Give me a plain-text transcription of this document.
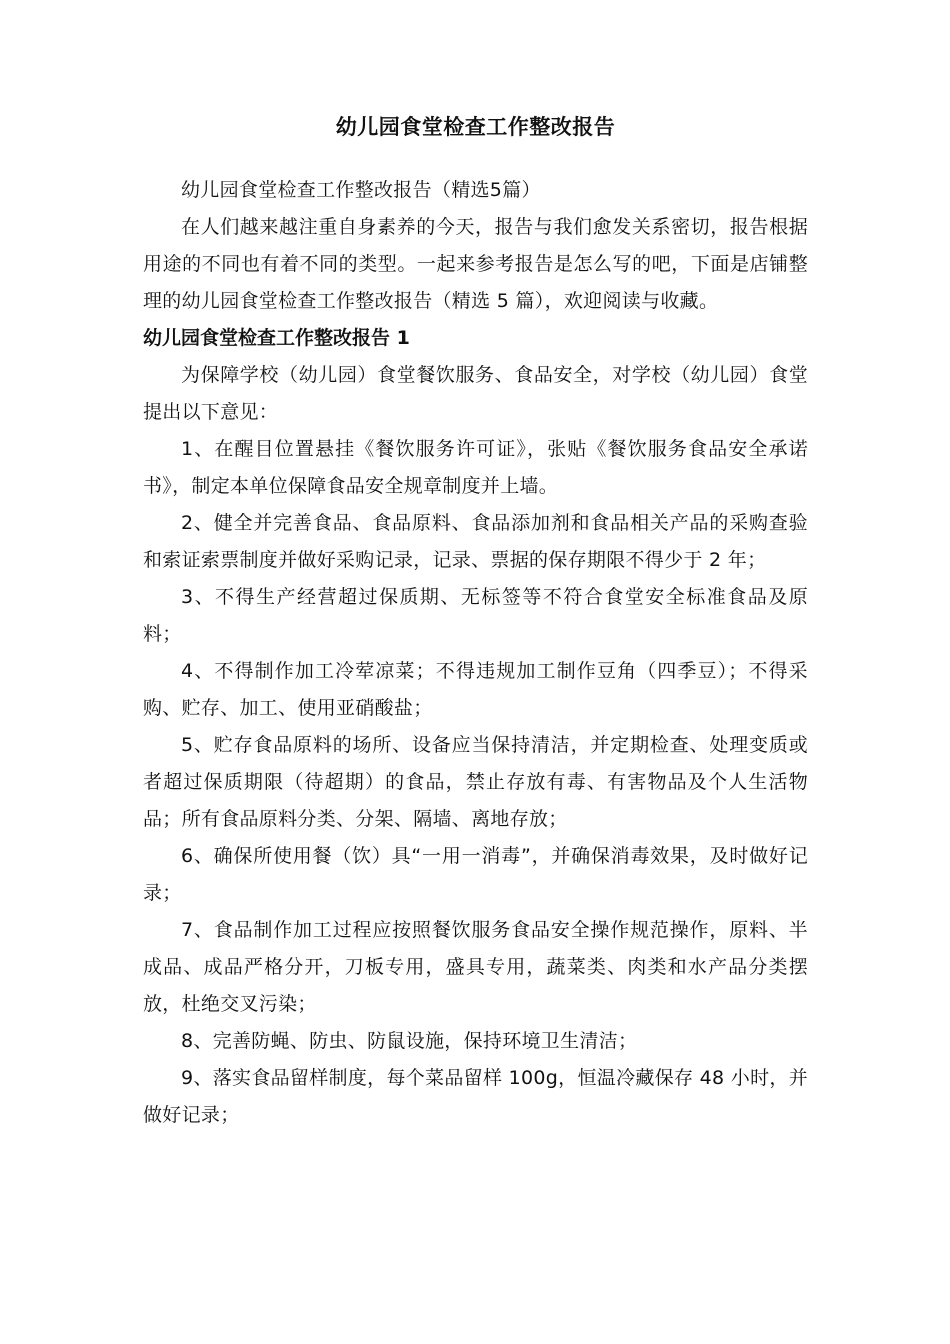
幼儿园食堂检查工作整改报告

幼儿园食堂检查工作整改报告（精选5篇）

在人们越来越注重自身素养的今天，报告与我们愈发关系密切，报告根据用途的不同也有着不同的类型。一起来参考报告是怎么写的吧，下面是店铺整理的幼儿园食堂检查工作整改报告（精选 5 篇），欢迎阅读与收藏。

幼儿园食堂检查工作整改报告 1

为保障学校（幼儿园）食堂餐饮服务、食品安全，对学校（幼儿园）食堂提出以下意见：

1、在醒目位置悬挂《餐饮服务许可证》，张贴《餐饮服务食品安全承诺书》，制定本单位保障食品安全规章制度并上墙。

2、健全并完善食品、食品原料、食品添加剂和食品相关产品的采购查验和索证索票制度并做好采购记录，记录、票据的保存期限不得少于 2 年；

3、不得生产经营超过保质期、无标签等不符合食堂安全标准食品及原料；

4、不得制作加工冷荤凉菜；不得违规加工制作豆角（四季豆）；不得采购、贮存、加工、使用亚硝酸盐；

5、贮存食品原料的场所、设备应当保持清洁，并定期检查、处理变质或者超过保质期限（待超期）的食品，禁止存放有毒、有害物品及个人生活物品；所有食品原料分类、分架、隔墙、离地存放；

6、确保所使用餐（饮）具“一用一消毒”，并确保消毒效果，及时做好记录；

7、食品制作加工过程应按照餐饮服务食品安全操作规范操作，原料、半成品、成品严格分开，刀板专用，盛具专用，蔬菜类、肉类和水产品分类摆放，杜绝交叉污染；

8、完善防蝇、防虫、防鼠设施，保持环境卫生清洁；

9、落实食品留样制度，每个菜品留样 100g，恒温冷藏保存 48 小时，并做好记录；
